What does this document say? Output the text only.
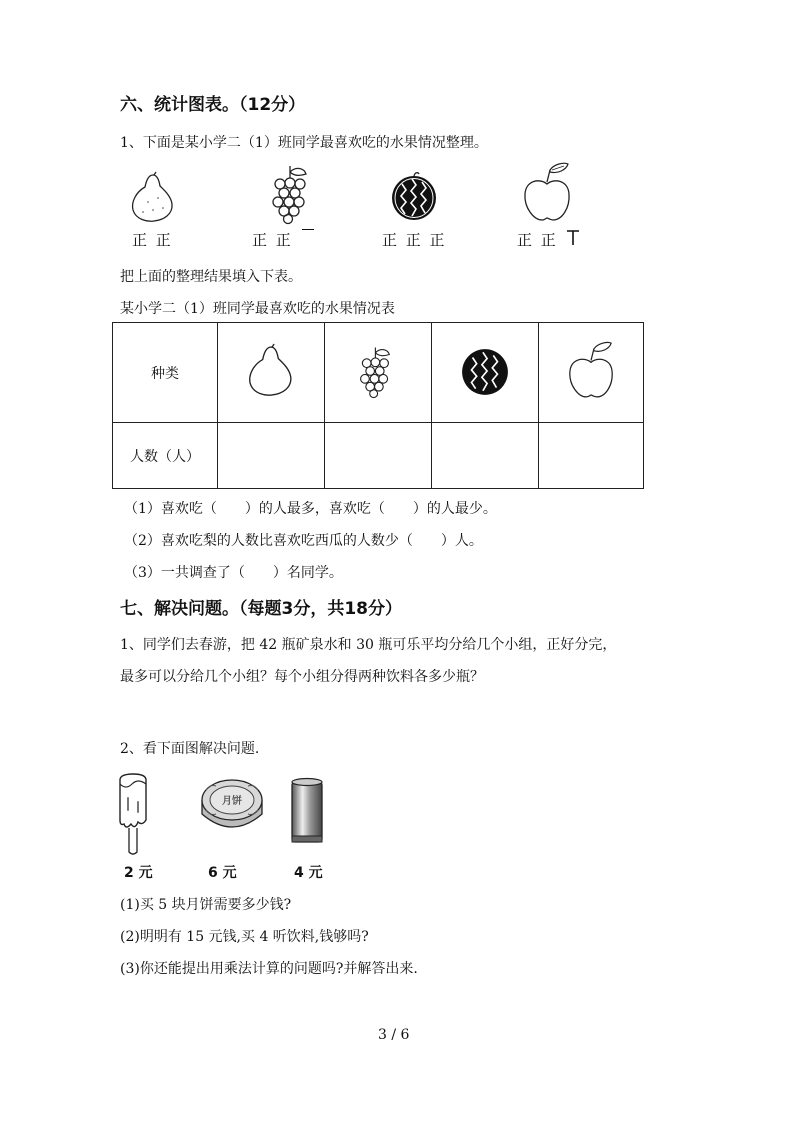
六、统计图表。（12分）
1、下面是某小学二（1）班同学最喜欢吃的水果情况整理。
正 正	正 正	正 正 正	正 正
把上面的整理结果填入下表。
某小学二（1）班同学最喜欢吃的水果情况表
种类				
人数（人）				
（1）喜欢吃（　　）的人最多，喜欢吃（　　）的人最少。
（2）喜欢吃梨的人数比喜欢吃西瓜的人数少（　　）人。
（3）一共调查了（　　）名同学。
七、解决问题。（每题3分，共18分）
1、同学们去春游，把 42 瓶矿泉水和 30 瓶可乐平均分给几个小组，正好分完，
最多可以分给几个小组？每个小组分得两种饮料各多少瓶？
2、看下面图解决问题.
月饼
2 元	6 元	4 元
(1)买 5 块月饼需要多少钱?
(2)明明有 15 元钱,买 4 听饮料,钱够吗?
(3)你还能提出用乘法计算的问题吗?并解答出来.
3 / 6
